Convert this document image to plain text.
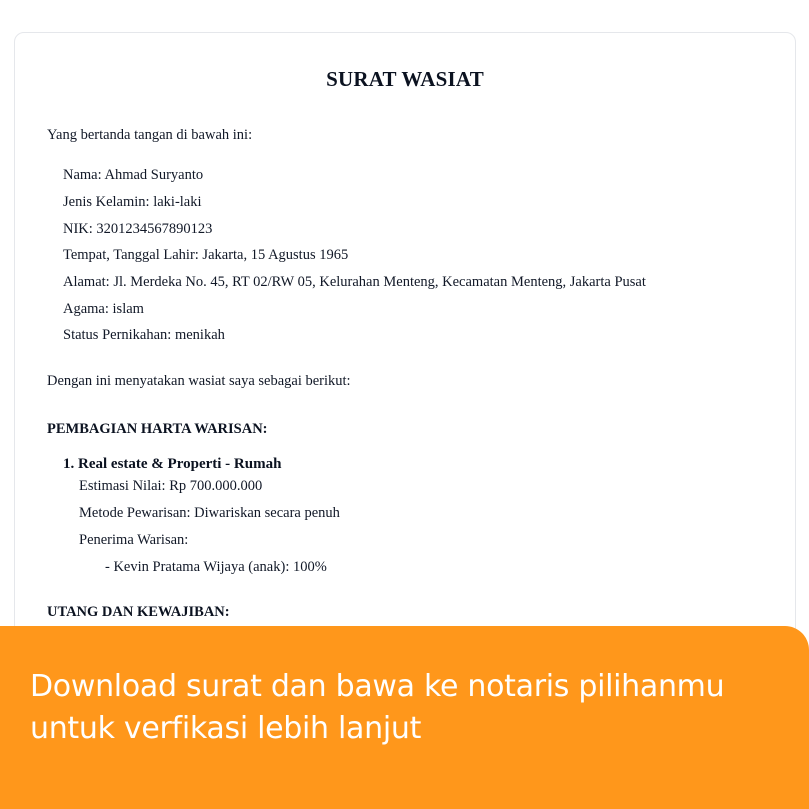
SURAT WASIAT
Yang bertanda tangan di bawah ini:
Nama: Ahmad Suryanto
Jenis Kelamin: laki-laki
NIK: 3201234567890123
Tempat, Tanggal Lahir: Jakarta, 15 Agustus 1965
Alamat: Jl. Merdeka No. 45, RT 02/RW 05, Kelurahan Menteng, Kecamatan Menteng, Jakarta Pusat
Agama: islam
Status Pernikahan: menikah
Dengan ini menyatakan wasiat saya sebagai berikut:
PEMBAGIAN HARTA WARISAN:
1. Real estate & Properti - Rumah
Estimasi Nilai: Rp 700.000.000
Metode Pewarisan: Diwariskan secara penuh
Penerima Warisan:
- Kevin Pratama Wijaya (anak): 100%
UTANG DAN KEWAJIBAN:
Download surat dan bawa ke notaris pilihanmu
untuk verfikasi lebih lanjut
